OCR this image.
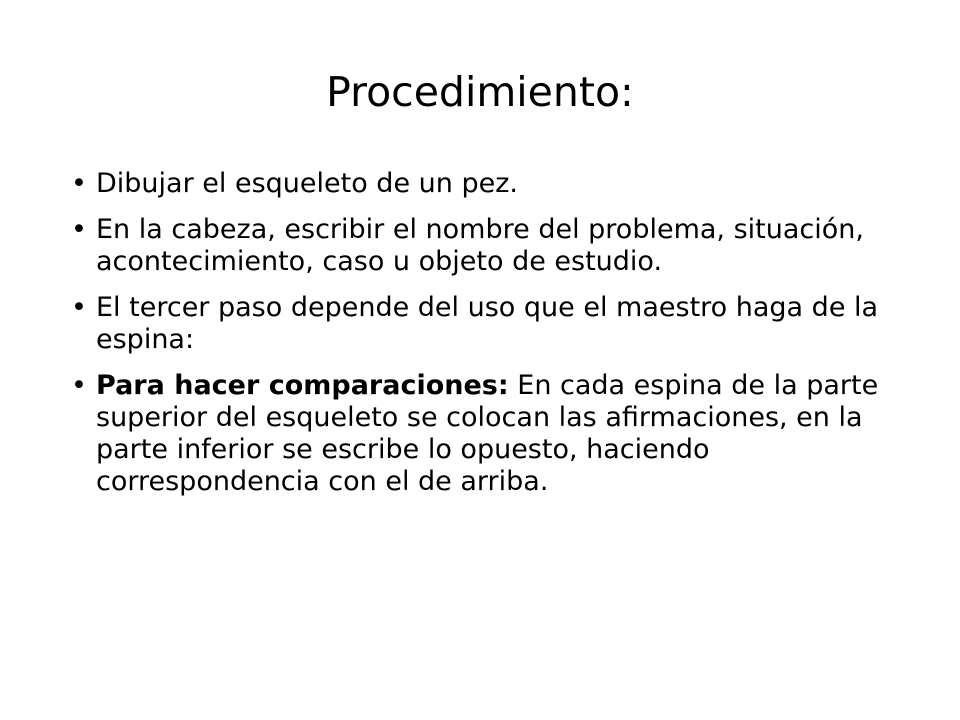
Procedimiento:
• Dibujar el esqueleto de un pez.
• En la cabeza, escribir el nombre del problema, situación, acontecimiento, caso u objeto de estudio.
• El tercer paso depende del uso que el maestro haga de la espina:
• Para hacer comparaciones: En cada espina de la parte superior del esqueleto se colocan las afirmaciones, en la parte inferior se escribe lo opuesto, haciendo correspondencia con el de arriba.
